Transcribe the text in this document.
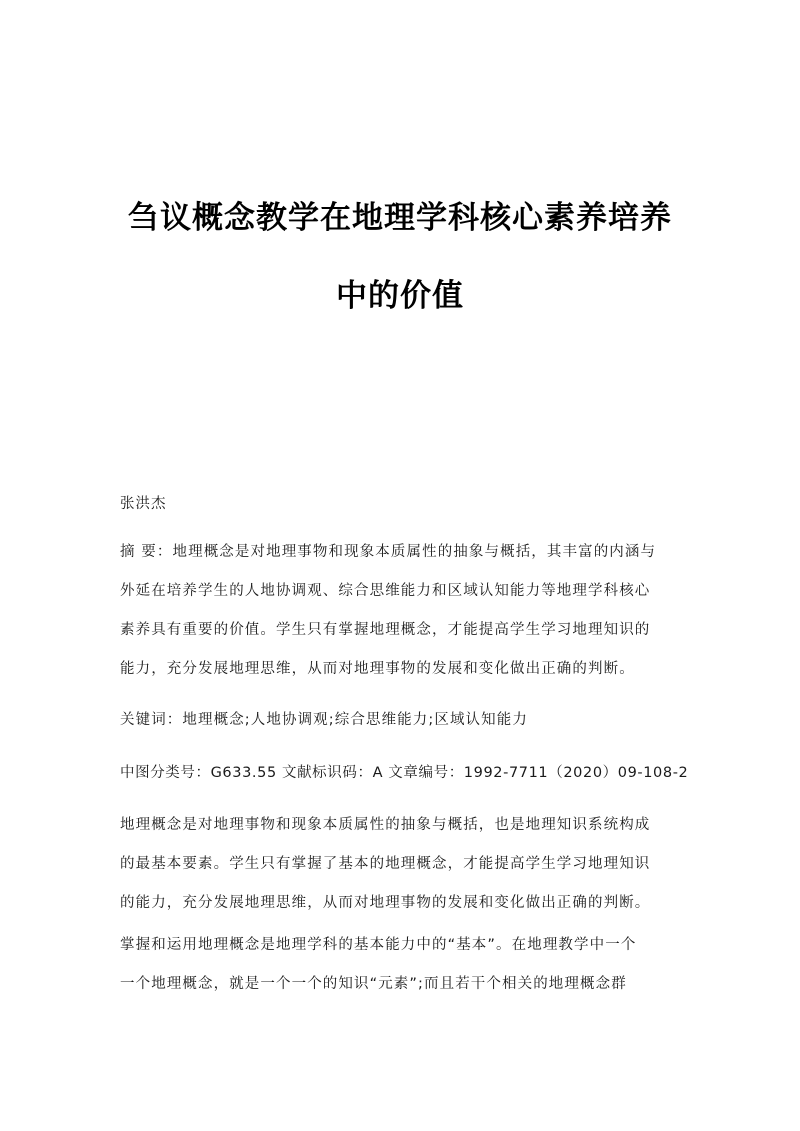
刍议概念教学在地理学科核心素养培养
中的价值
张洪杰
摘 要：地理概念是对地理事物和现象本质属性的抽象与概括，其丰富的内涵与
外延在培养学生的人地协调观、综合思维能力和区域认知能力等地理学科核心
素养具有重要的价值。学生只有掌握地理概念，才能提高学生学习地理知识的
能力，充分发展地理思维，从而对地理事物的发展和变化做出正确的判断。
关键词：地理概念;人地协调观;综合思维能力;区域认知能力
中图分类号：G633.55 文献标识码：A 文章编号：1992-7711（2020）09-108-2
地理概念是对地理事物和现象本质属性的抽象与概括，也是地理知识系统构成
的最基本要素。学生只有掌握了基本的地理概念，才能提高学生学习地理知识
的能力，充分发展地理思维，从而对地理事物的发展和变化做出正确的判断。
掌握和运用地理概念是地理学科的基本能力中的“基本”。在地理教学中一个
一个地理概念，就是一个一个的知识“元素”;而且若干个相关的地理概念群
